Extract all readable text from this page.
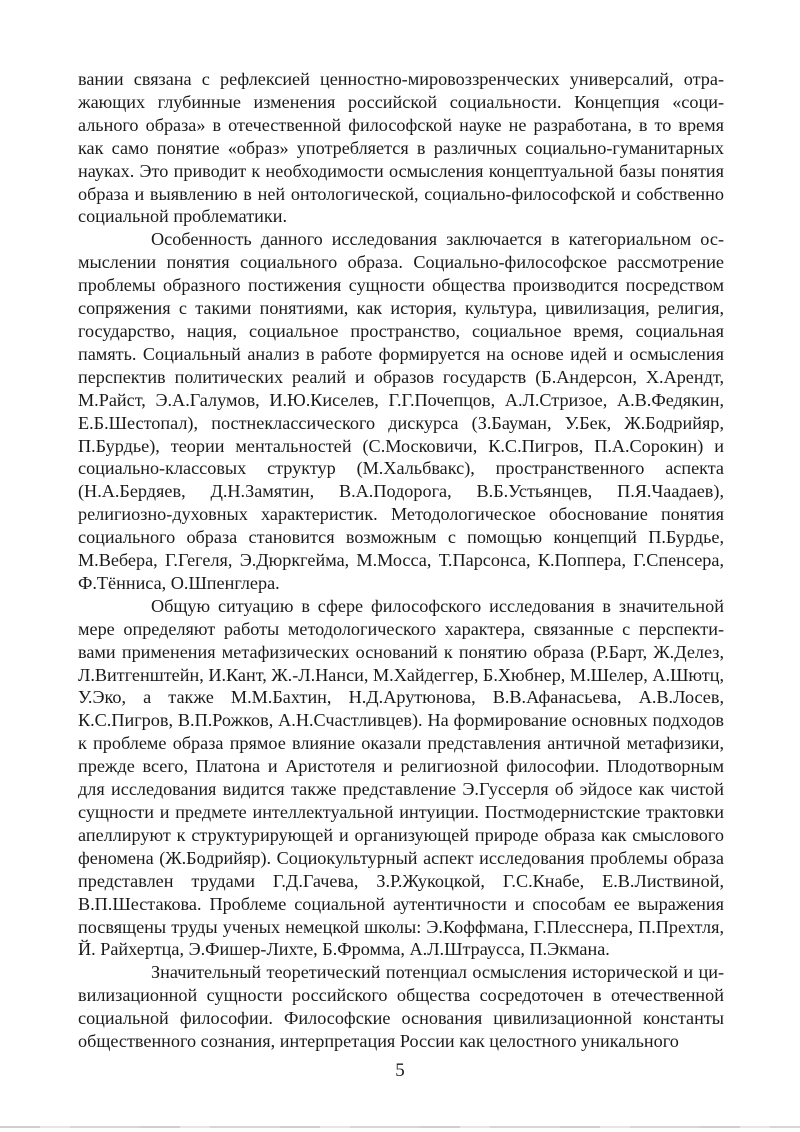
вании связана с рефлексией ценностно-мировоззренческих универсалий, отражающих глубинные изменения российской социальности. Концепция «социального образа» в отечественной философской науке не разработана, в то время как само понятие «образ» употребляется в различных социально-гуманитарных науках. Это приводит к необходимости осмысления концептуальной базы понятия образа и выявлению в ней онтологической, социально-философской и собственно социальной проблематики.

Особенность данного исследования заключается в категориальном осмыслении понятия социального образа. Социально-философское рассмотрение проблемы образного постижения сущности общества производится посредством сопряжения с такими понятиями, как история, культура, цивилизация, религия, государство, нация, социальное пространство, социальное время, социальная память. Социальный анализ в работе формируется на основе идей и осмысления перспектив политических реалий и образов государств (Б.Андерсон, Х.Арендт, М.Райст, Э.А.Галумов, И.Ю.Киселев, Г.Г.Почепцов, А.Л.Стризое, А.В.Федякин, Е.Б.Шестопал), постнеклассического дискурса (З.Бауман, У.Бек, Ж.Бодрийяр, П.Бурдье), теории ментальностей (С.Московичи, К.С.Пигров, П.А.Сорокин) и социально-классовых структур (М.Хальбвакс), пространственного аспекта (Н.А.Бердяев, Д.Н.Замятин, В.А.Подорога, В.Б.Устьянцев, П.Я.Чаадаев), религиозно-духовных характеристик. Методологическое обоснование понятия социального образа становится возможным с помощью концепций П.Бурдье, М.Вебера, Г.Гегеля, Э.Дюркгейма, М.Мосса, Т.Парсонса, К.Поппера, Г.Спенсера, Ф.Тённиса, О.Шпенглера.

Общую ситуацию в сфере философского исследования в значительной мере определяют работы методологического характера, связанные с перспективами применения метафизических оснований к понятию образа (Р.Барт, Ж.Делез, Л.Витгенштейн, И.Кант, Ж.-Л.Нанси, М.Хайдеггер, Б.Хюбнер, М.Шелер, А.Шютц, У.Эко, а также М.М.Бахтин, Н.Д.Арутюнова, В.В.Афанасьева, А.В.Лосев, К.С.Пигров, В.П.Рожков, А.Н.Счастливцев). На формирование основных подходов к проблеме образа прямое влияние оказали представления античной метафизики, прежде всего, Платона и Аристотеля и религиозной философии. Плодотворным для исследования видится также представление Э.Гуссерля об эйдосе как чистой сущности и предмете интеллектуальной интуиции. Постмодернистские трактовки апеллируют к структурирующей и организующей природе образа как смыслового феномена (Ж.Бодрийяр). Социокультурный аспект исследования проблемы образа представлен трудами Г.Д.Гачева, З.Р.Жукоцкой, Г.С.Кнабе, Е.В.Листвиной, В.П.Шестакова. Проблеме социальной аутентичности и способам ее выражения посвящены труды ученых немецкой школы: Э.Коффмана, Г.Плесснера, П.Прехтля, Й. Райхертца, Э.Фишер-Лихте, Б.Фромма, А.Л.Штраусса, П.Экмана.

Значительный теоретический потенциал осмысления исторической и цивилизационной сущности российского общества сосредоточен в отечественной социальной философии. Философские основания цивилизационной константы общественного сознания, интерпретация России как целостного уникального

5
